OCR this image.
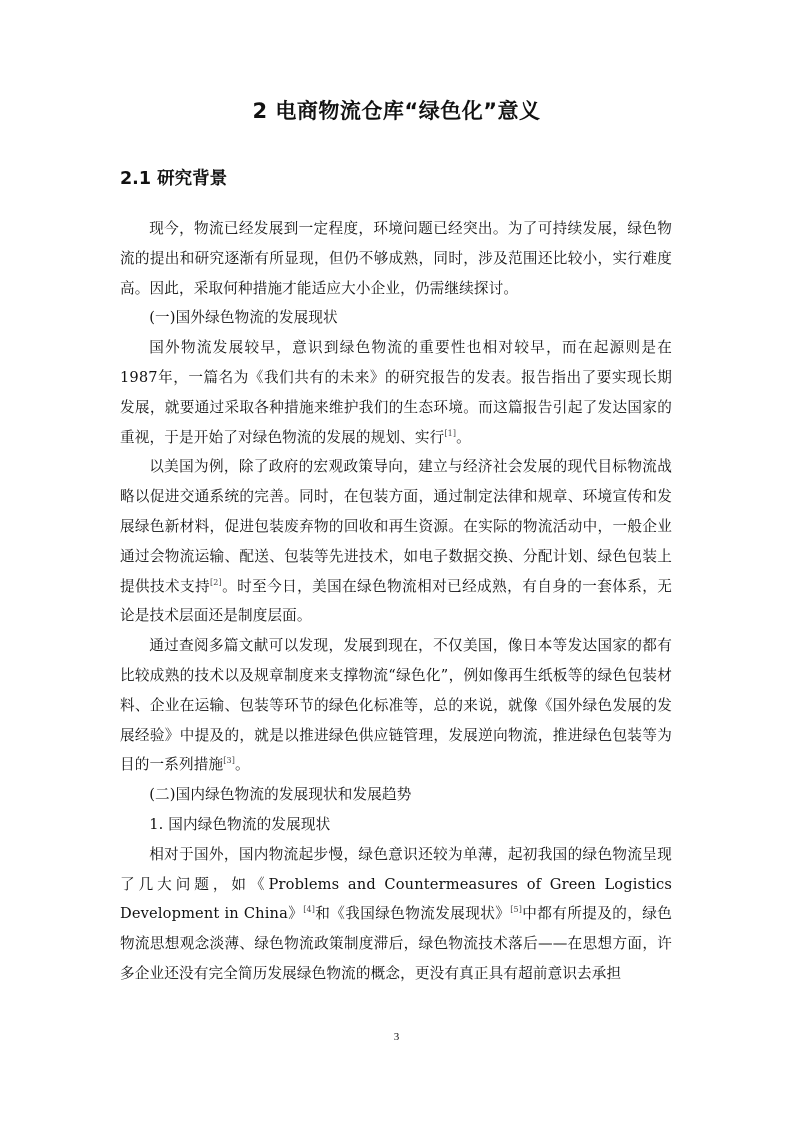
2 电商物流仓库“绿色化”意义
2.1 研究背景

现今，物流已经发展到一定程度，环境问题已经突出。为了可持续发展，绿色物流的提出和研究逐渐有所显现，但仍不够成熟，同时，涉及范围还比较小，实行难度高。因此，采取何种措施才能适应大小企业，仍需继续探讨。

(一)国外绿色物流的发展现状

国外物流发展较早，意识到绿色物流的重要性也相对较早，而在起源则是在1987年，一篇名为《我们共有的未来》的研究报告的发表。报告指出了要实现长期发展，就要通过采取各种措施来维护我们的生态环境。而这篇报告引起了发达国家的重视，于是开始了对绿色物流的发展的规划、实行[1]。

以美国为例，除了政府的宏观政策导向，建立与经济社会发展的现代目标物流战略以促进交通系统的完善。同时，在包装方面，通过制定法律和规章、环境宣传和发展绿色新材料，促进包装废弃物的回收和再生资源。在实际的物流活动中，一般企业通过会物流运输、配送、包装等先进技术，如电子数据交换、分配计划、绿色包装上提供技术支持[2]。时至今日，美国在绿色物流相对已经成熟，有自身的一套体系，无论是技术层面还是制度层面。

通过查阅多篇文献可以发现，发展到现在，不仅美国，像日本等发达国家的都有比较成熟的技术以及规章制度来支撑物流“绿色化”，例如像再生纸板等的绿色包装材料、企业在运输、包装等环节的绿色化标准等，总的来说，就像《国外绿色发展的发展经验》中提及的，就是以推进绿色供应链管理，发展逆向物流，推进绿色包装等为目的一系列措施[3]。

(二)国内绿色物流的发展现状和发展趋势

1. 国内绿色物流的发展现状

相对于国外，国内物流起步慢，绿色意识还较为单薄，起初我国的绿色物流呈现了几大问题，如《Problems and Countermeasures of Green Logistics Development in China》[4]和《我国绿色物流发展现状》[5]中都有所提及的，绿色物流思想观念淡薄、绿色物流政策制度滞后，绿色物流技术落后——在思想方面，许多企业还没有完全简历发展绿色物流的概念，更没有真正具有超前意识去承担

3
